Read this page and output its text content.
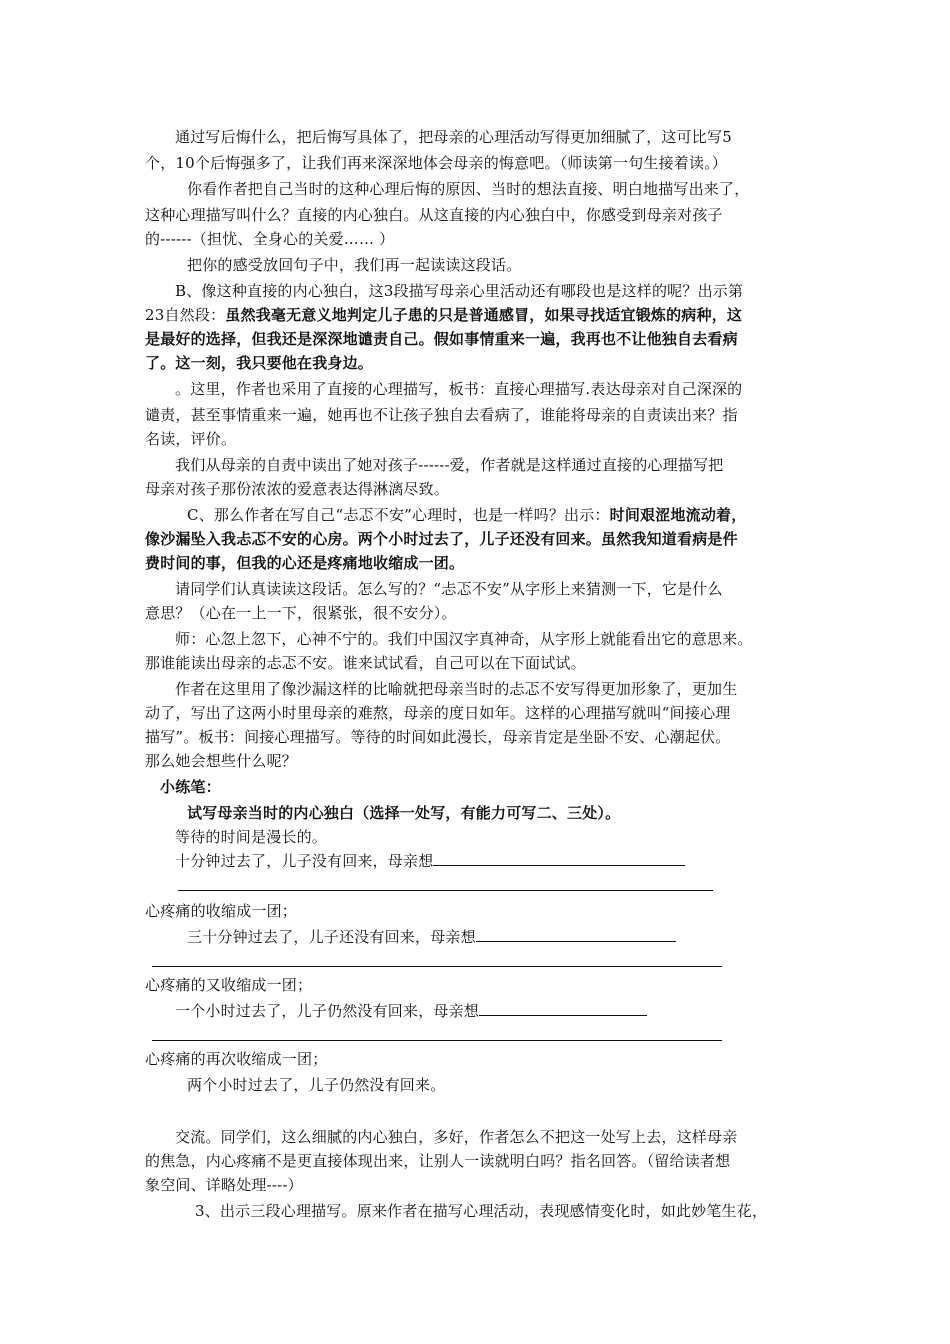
通过写后悔什么，把后悔写具体了，把母亲的心理活动写得更加细腻了，这可比写5
个，10个后悔强多了，让我们再来深深地体会母亲的悔意吧。（师读第一句生接着读。）
你看作者把自己当时的这种心理后悔的原因、当时的想法直接、明白地描写出来了，
这种心理描写叫什么？直接的内心独白。从这直接的内心独白中，你感受到母亲对孩子
的------（担忧、全身心的关爱…… ）
把你的感受放回句子中，我们再一起读读这段话。
B、像这种直接的内心独白，这3段描写母亲心里活动还有哪段也是这样的呢？出示第
23自然段：虽然我毫无意义地判定儿子患的只是普通感冒，如果寻找适宜锻炼的病种，这
是最好的选择，但我还是深深地谴责自己。假如事情重来一遍，我再也不让他独自去看病
了。这一刻，我只要他在我身边。
。这里，作者也采用了直接的心理描写，板书：直接心理描写.表达母亲对自己深深的
谴责，甚至事情重来一遍，她再也不让孩子独自去看病了，谁能将母亲的自责读出来？指
名读，评价。
我们从母亲的自责中读出了她对孩子------爱，作者就是这样通过直接的心理描写把
母亲对孩子那份浓浓的爱意表达得淋漓尽致。
C、那么作者在写自己“忐忑不安”心理时，也是一样吗？出示：时间艰涩地流动着，
像沙漏坠入我忐忑不安的心房。两个小时过去了，儿子还没有回来。虽然我知道看病是件
费时间的事，但我的心还是疼痛地收缩成一团。
请同学们认真读读这段话。怎么写的？“忐忑不安”从字形上来猜测一下，它是什么
意思？（心在一上一下，很紧张，很不安分）。
师：心忽上忽下，心神不宁的。我们中国汉字真神奇，从字形上就能看出它的意思来。
那谁能读出母亲的忐忑不安。谁来试试看，自己可以在下面试试。
作者在这里用了像沙漏这样的比喻就把母亲当时的忐忑不安写得更加形象了，更加生
动了，写出了这两小时里母亲的难熬，母亲的度日如年。这样的心理描写就叫“间接心理
描写”。板书：间接心理描写。等待的时间如此漫长，母亲肯定是坐卧不安、心潮起伏。
那么她会想些什么呢？
小练笔：
试写母亲当时的内心独白（选择一处写，有能力可写二、三处）。
等待的时间是漫长的。
十分钟过去了，儿子没有回来，母亲想
心疼痛的收缩成一团；
三十分钟过去了，儿子还没有回来，母亲想
心疼痛的又收缩成一团；
一个小时过去了，儿子仍然没有回来，母亲想
心疼痛的再次收缩成一团；
两个小时过去了，儿子仍然没有回来。
交流。同学们，这么细腻的内心独白，多好，作者怎么不把这一处写上去，这样母亲
的焦急，内心疼痛不是更直接体现出来，让别人一读就明白吗？指名回答。（留给读者想
象空间、详略处理----）
3、出示三段心理描写。原来作者在描写心理活动，表现感情变化时，如此妙笔生花，
